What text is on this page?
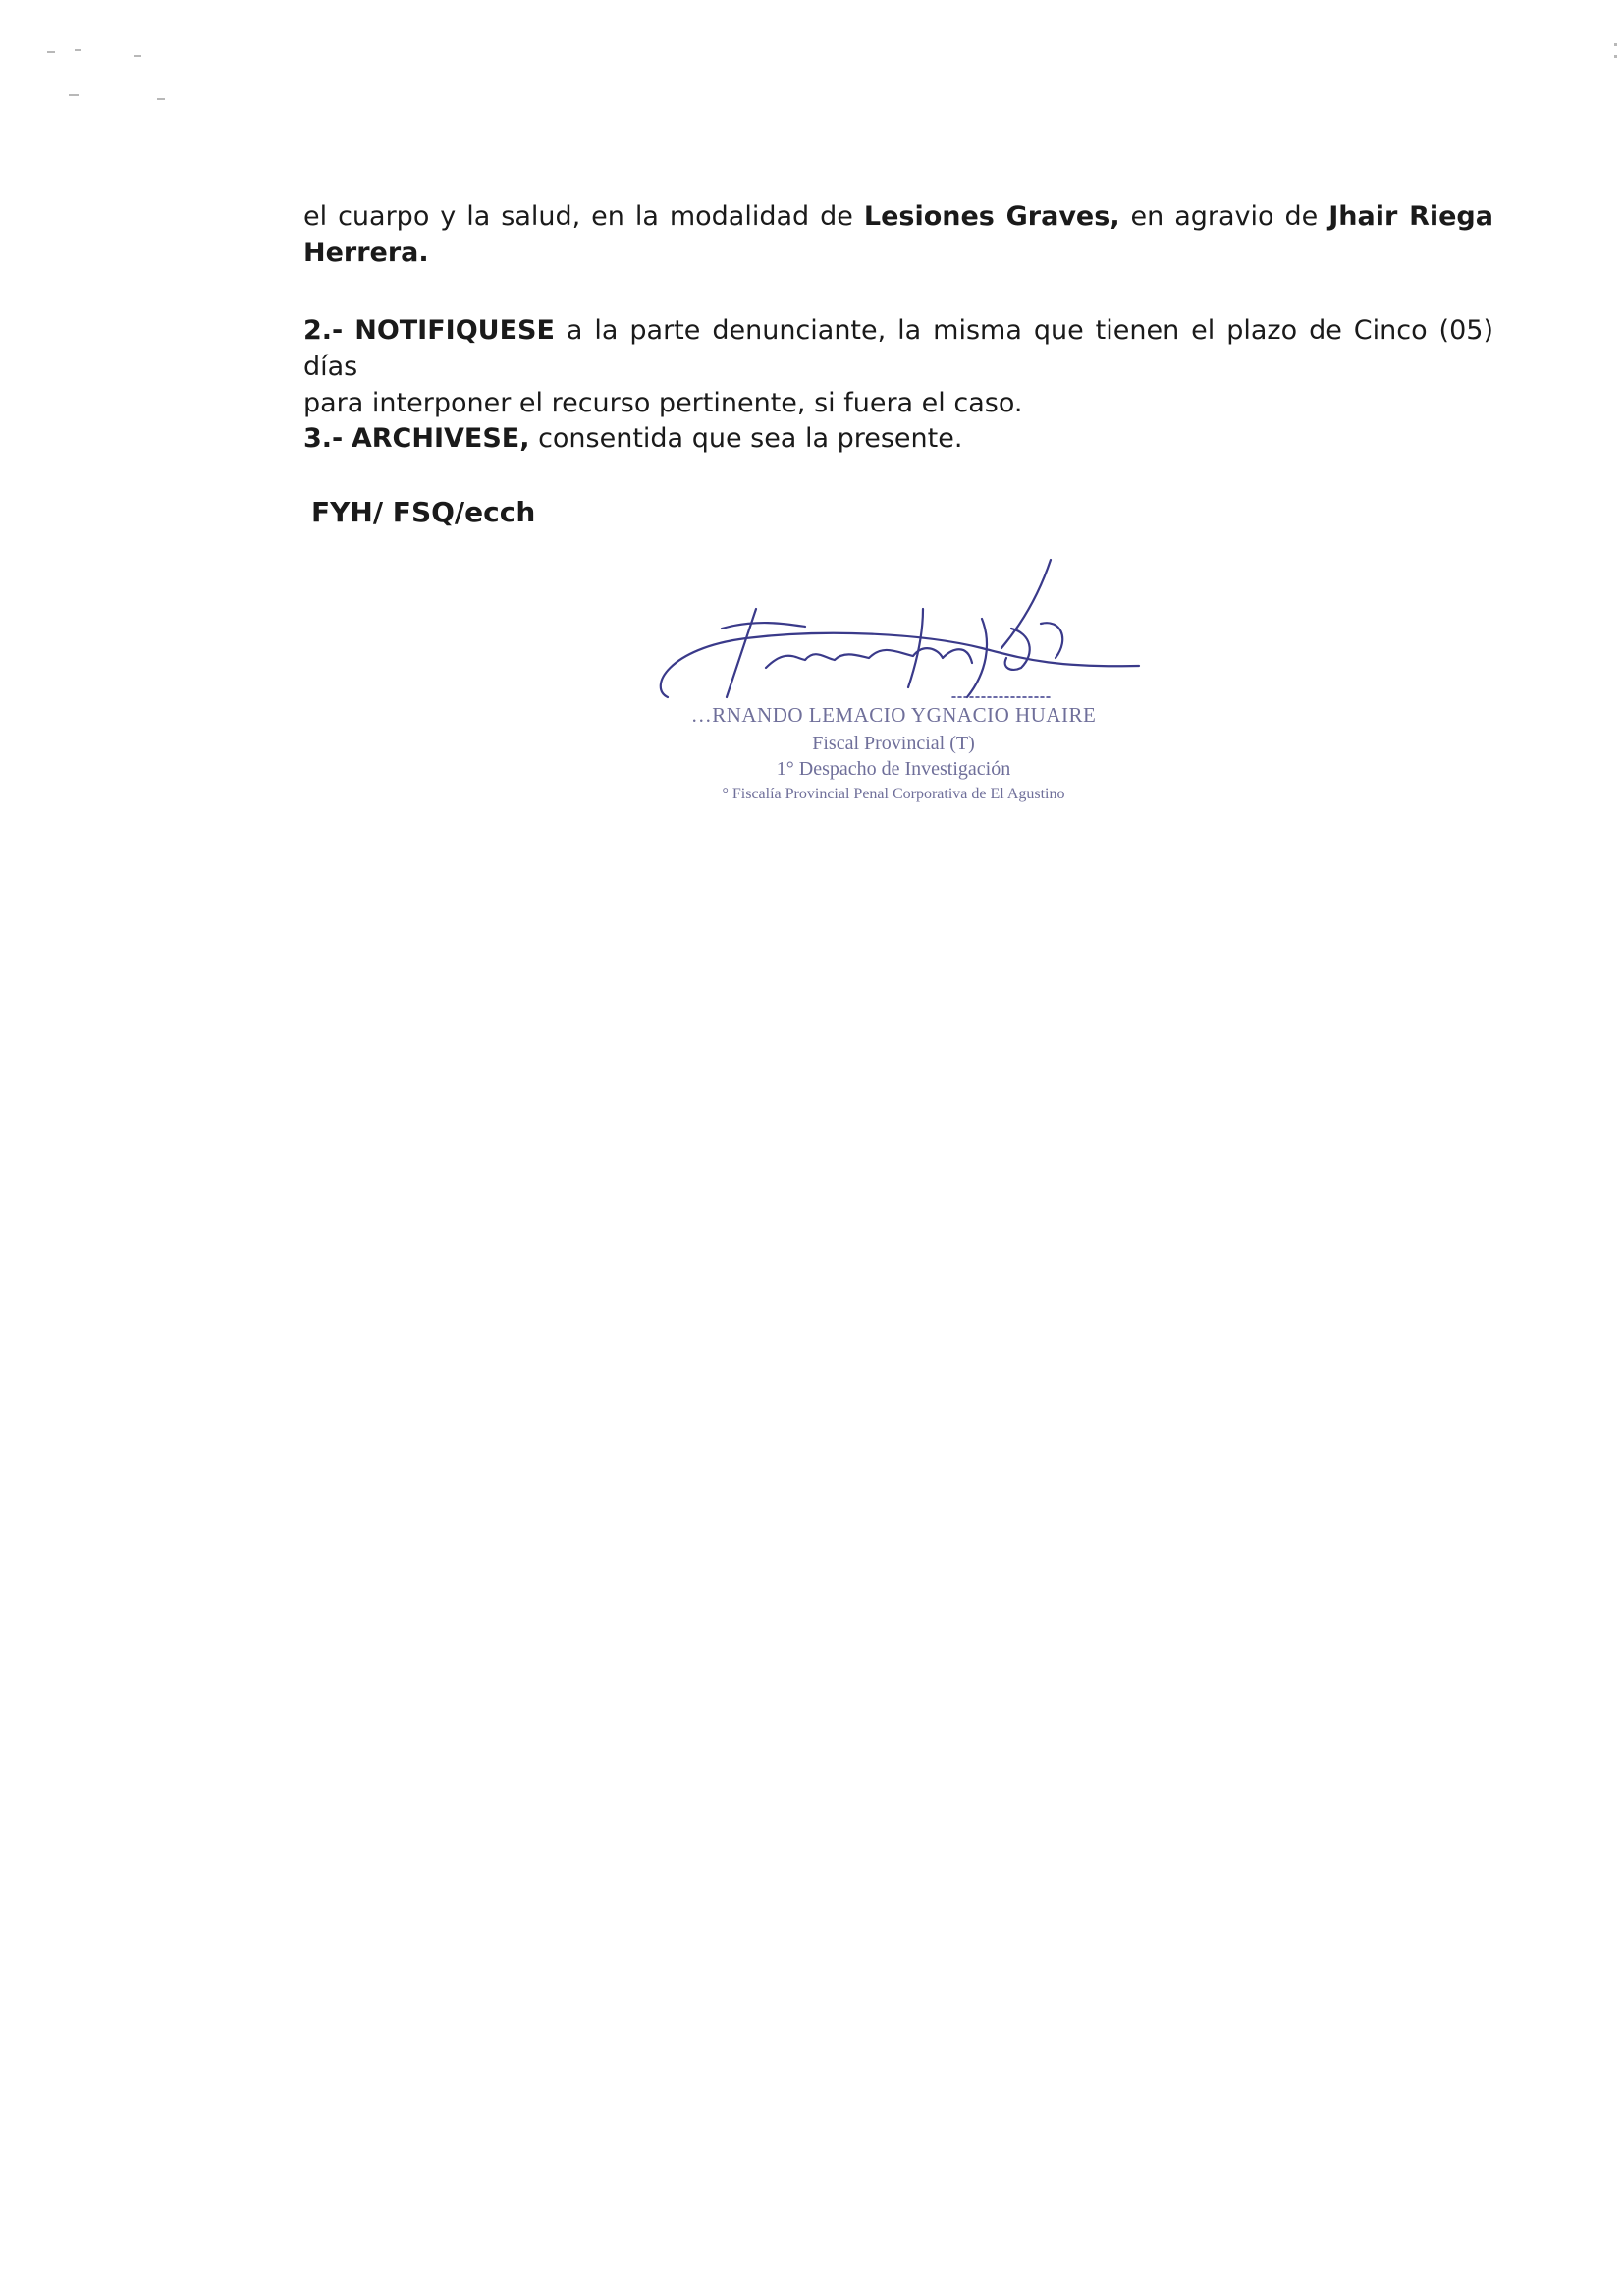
el cuarpo y la salud, en la modalidad de Lesiones Graves, en agravio de Jhair Riega
Herrera.
2.- NOTIFIQUESE a la parte denunciante, la misma que tienen el plazo de Cinco (05) días
para interponer el recurso pertinente, si fuera el caso.
3.- ARCHIVESE, consentida que sea la presente.
FYH/ FSQ/ecch
…RNANDO LEMACIO YGNACIO HUAIRE
Fiscal Provincial (T)
1° Despacho de Investigación
° Fiscalía Provincial Penal Corporativa de El Agustino
